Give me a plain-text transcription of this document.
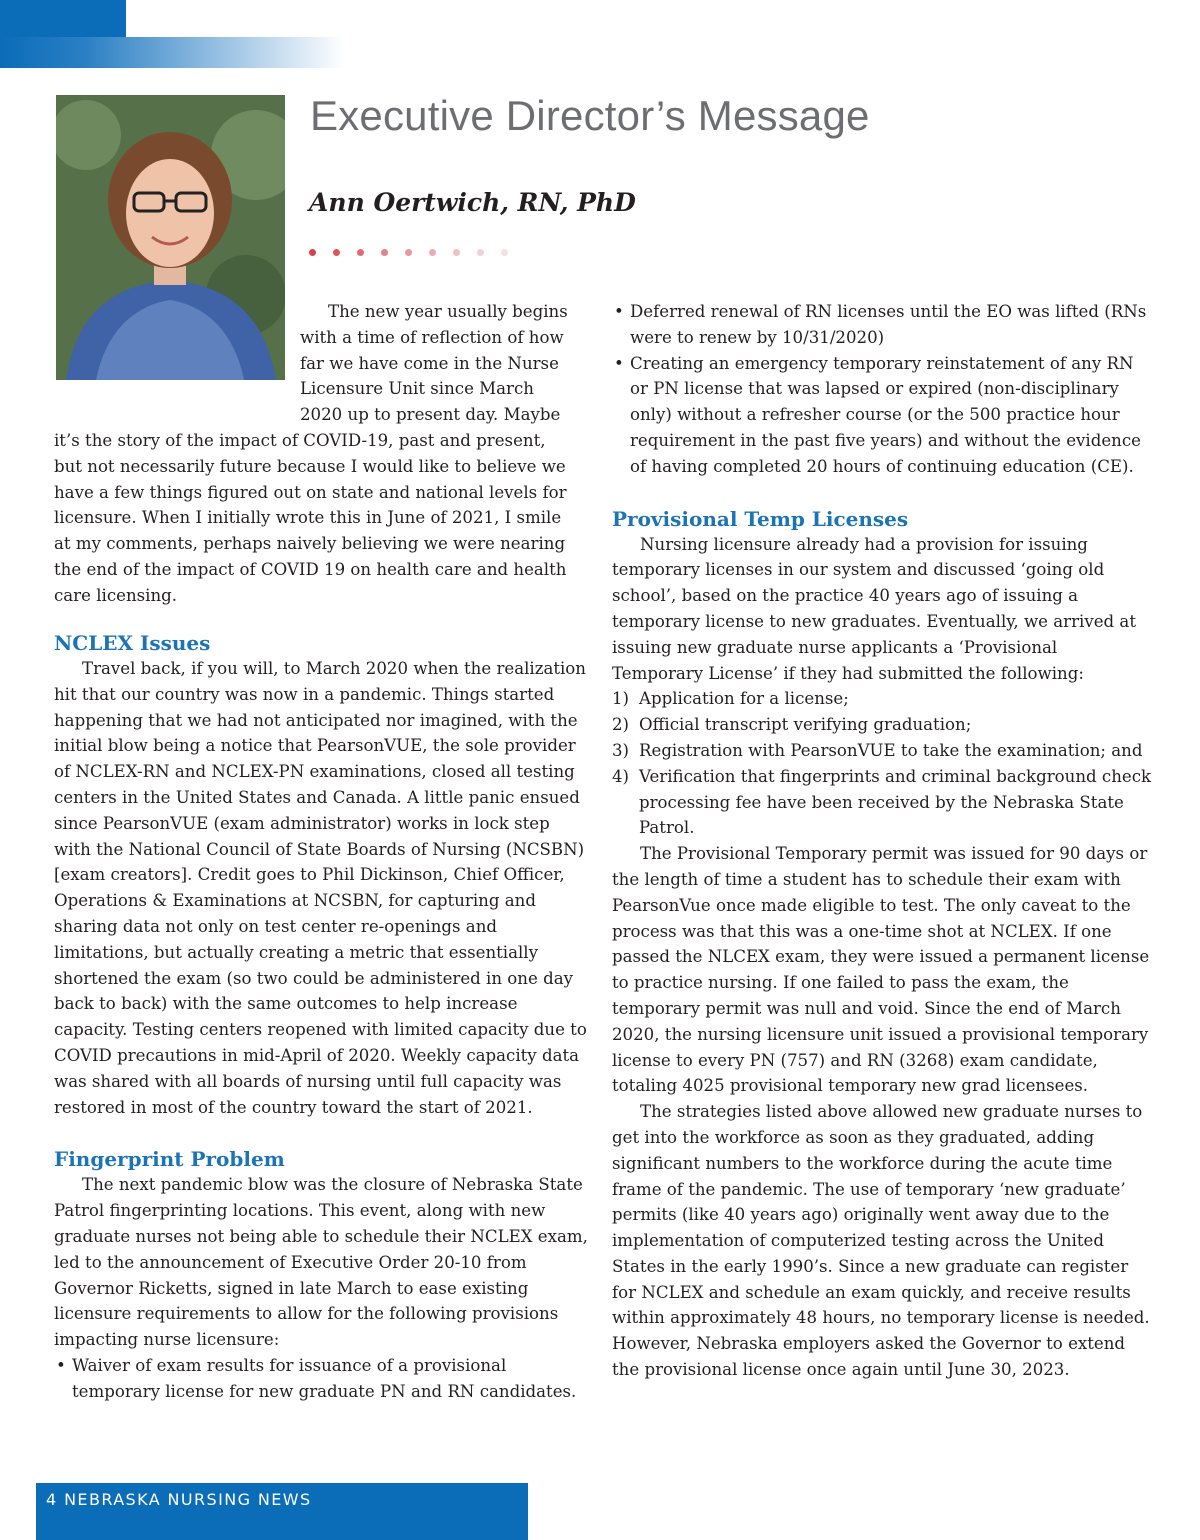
Executive Director’s Message
Ann Oertwich, RN, PhD

The new year usually begins with a time of reflection of how far we have come in the Nurse Licensure Unit since March 2020 up to present day. Maybe it’s the story of the impact of COVID-19, past and present, but not necessarily future because I would like to believe we have a few things figured out on state and national levels for licensure. When I initially wrote this in June of 2021, I smile at my comments, perhaps naively believing we were nearing the end of the impact of COVID 19 on health care and health care licensing.

NCLEX Issues

Travel back, if you will, to March 2020 when the realization hit that our country was now in a pandemic. Things started happening that we had not anticipated nor imagined, with the initial blow being a notice that PearsonVUE, the sole provider of NCLEX-RN and NCLEX-PN examinations, closed all testing centers in the United States and Canada. A little panic ensued since PearsonVUE (exam administrator) works in lock step with the National Council of State Boards of Nursing (NCSBN) [exam creators]. Credit goes to Phil Dickinson, Chief Officer, Operations & Examinations at NCSBN, for capturing and sharing data not only on test center re-openings and limitations, but actually creating a metric that essentially shortened the exam (so two could be administered in one day back to back) with the same outcomes to help increase capacity. Testing centers reopened with limited capacity due to COVID precautions in mid-April of 2020. Weekly capacity data was shared with all boards of nursing until full capacity was restored in most of the country toward the start of 2021.

Fingerprint Problem

The next pandemic blow was the closure of Nebraska State Patrol fingerprinting locations. This event, along with new graduate nurses not being able to schedule their NCLEX exam, led to the announcement of Executive Order 20-10 from Governor Ricketts, signed in late March to ease existing licensure requirements to allow for the following provisions impacting nurse licensure:

• Waiver of exam results for issuance of a provisional temporary license for new graduate PN and RN candidates.
• Deferred renewal of RN licenses until the EO was lifted (RNs were to renew by 10/31/2020)
• Creating an emergency temporary reinstatement of any RN or PN license that was lapsed or expired (non-disciplinary only) without a refresher course (or the 500 practice hour requirement in the past five years) and without the evidence of having completed 20 hours of continuing education (CE).
Provisional Temp Licenses

Nursing licensure already had a provision for issuing temporary licenses in our system and discussed ‘going old school’, based on the practice 40 years ago of issuing a temporary license to new graduates. Eventually, we arrived at issuing new graduate nurse applicants a ‘Provisional Temporary License’ if they had submitted the following:

1) Application for a license;
2) Official transcript verifying graduation;
3) Registration with PearsonVUE to take the examination; and
4) Verification that fingerprints and criminal background check processing fee have been received by the Nebraska State Patrol.

The Provisional Temporary permit was issued for 90 days or the length of time a student has to schedule their exam with PearsonVue once made eligible to test. The only caveat to the process was that this was a one-time shot at NCLEX. If one passed the NLCEX exam, they were issued a permanent license to practice nursing. If one failed to pass the exam, the temporary permit was null and void. Since the end of March 2020, the nursing licensure unit issued a provisional temporary license to every PN (757) and RN (3268) exam candidate, totaling 4025 provisional temporary new grad licensees.

The strategies listed above allowed new graduate nurses to get into the workforce as soon as they graduated, adding significant numbers to the workforce during the acute time frame of the pandemic. The use of temporary ‘new graduate’ permits (like 40 years ago) originally went away due to the implementation of computerized testing across the United States in the early 1990’s. Since a new graduate can register for NCLEX and schedule an exam quickly, and receive results within approximately 48 hours, no temporary license is needed. However, Nebraska employers asked the Governor to extend the provisional license once again until June 30, 2023.

4 NEBRASKA NURSING NEWS
